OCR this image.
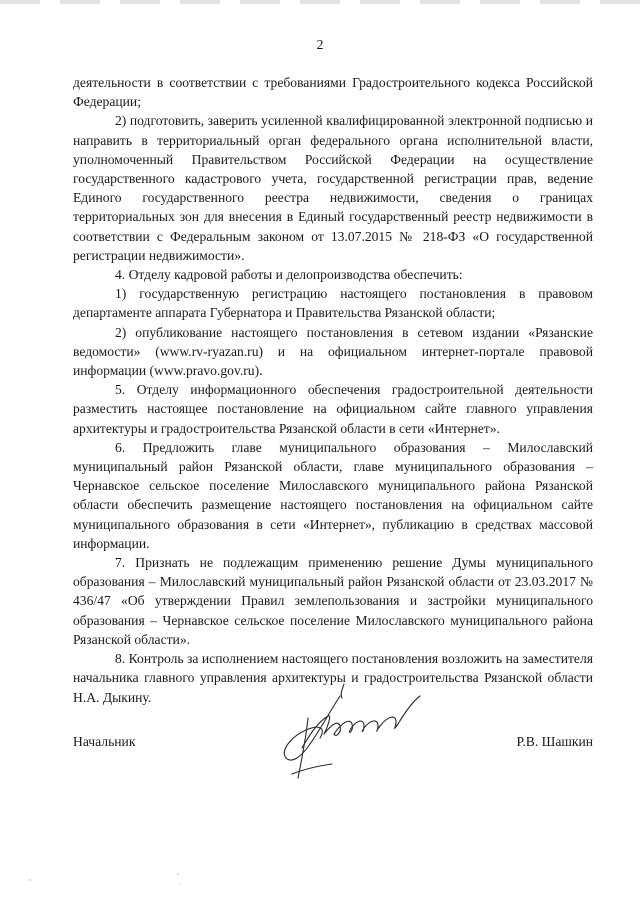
2

деятельности в соответствии с требованиями Градостроительного кодекса Российской Федерации;

2) подготовить, заверить усиленной квалифицированной электронной подписью и направить в территориальный орган федерального органа исполнительной власти, уполномоченный Правительством Российской Федерации на осуществление государственного кадастрового учета, государственной регистрации прав, ведение Единого государственного реестра недвижимости, сведения о границах территориальных зон для внесения в Единый государственный реестр недвижимости в соответствии с Федеральным законом от 13.07.2015 № 218-ФЗ «О государственной регистрации недвижимости».

4. Отделу кадровой работы и делопроизводства обеспечить:

1) государственную регистрацию настоящего постановления в правовом департаменте аппарата Губернатора и Правительства Рязанской области;

2) опубликование настоящего постановления в сетевом издании «Рязанские ведомости» (www.rv-ryazan.ru) и на официальном интернет-портале правовой информации (www.pravo.gov.ru).

5. Отделу информационного обеспечения градостроительной деятельности разместить настоящее постановление на официальном сайте главного управления архитектуры и градостроительства Рязанской области в сети «Интернет».

6. Предложить главе муниципального образования – Милославский муниципальный район Рязанской области, главе муниципального образования – Чернавское сельское поселение Милославского муниципального района Рязанской области обеспечить размещение настоящего постановления на официальном сайте муниципального образования в сети «Интернет», публикацию в средствах массовой информации.

7. Признать не подлежащим применению решение Думы муниципального образования – Милославский муниципальный район Рязанской области от 23.03.2017 № 436/47 «Об утверждении Правил землепользования и застройки муниципального образования – Чернавское сельское поселение Милославского муниципального района Рязанской области».

8. Контроль за исполнением настоящего постановления возложить на заместителя начальника главного управления архитектуры и градостроительства Рязанской области Н.А. Дыкину.

Начальник	Р.В. Шашкин
